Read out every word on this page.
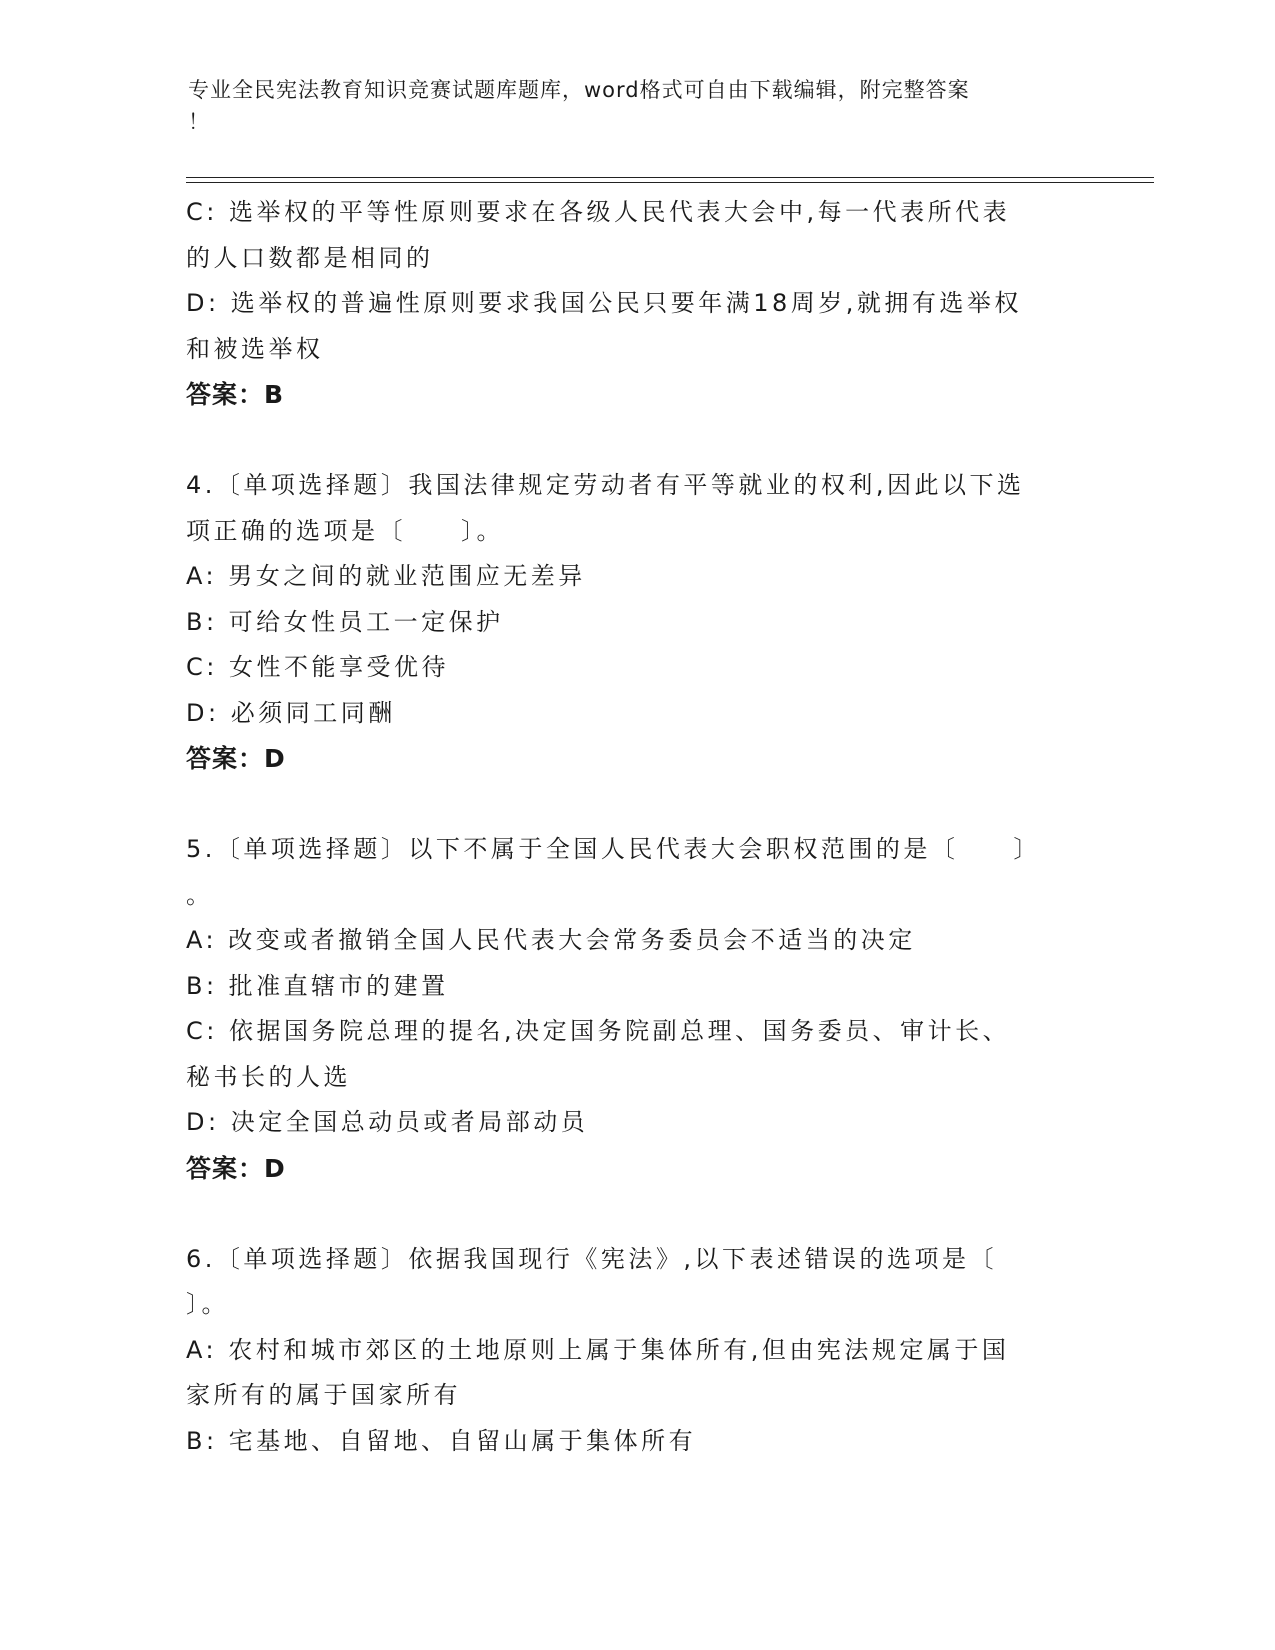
专业全民宪法教育知识竞赛试题库题库，word格式可自由下载编辑，附完整答案
！
C: 选举权的平等性原则要求在各级人民代表大会中,每一代表所代表
的人口数都是相同的
D: 选举权的普遍性原则要求我国公民只要年满18周岁,就拥有选举权
和被选举权
答案：B
4.〔单项选择题〕我国法律规定劳动者有平等就业的权利,因此以下选
项正确的选项是〔　　〕。
A: 男女之间的就业范围应无差异
B: 可给女性员工一定保护
C: 女性不能享受优待
D: 必须同工同酬
答案：D
5.〔单项选择题〕以下不属于全国人民代表大会职权范围的是〔　　〕
。
A: 改变或者撤销全国人民代表大会常务委员会不适当的决定
B: 批准直辖市的建置
C: 依据国务院总理的提名,决定国务院副总理、国务委员、审计长、
秘书长的人选
D: 决定全国总动员或者局部动员
答案：D
6.〔单项选择题〕依据我国现行《宪法》,以下表述错误的选项是〔
〕。
A: 农村和城市郊区的土地原则上属于集体所有,但由宪法规定属于国
家所有的属于国家所有
B: 宅基地、自留地、自留山属于集体所有
